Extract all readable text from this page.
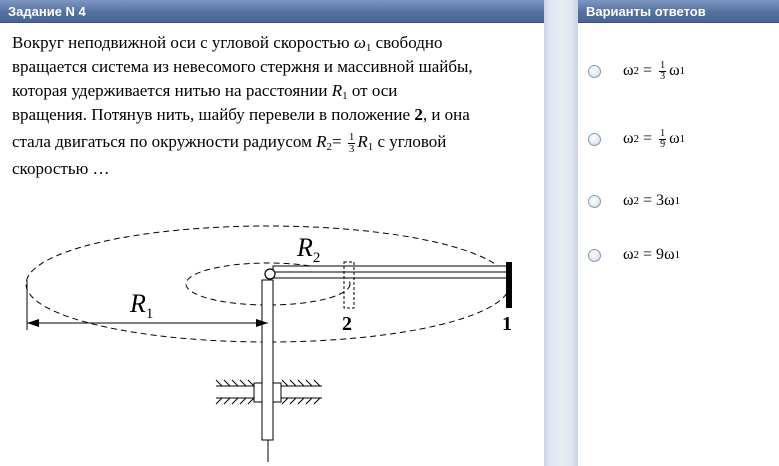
Задание N 4	Варианты ответов
Вокруг неподвижной оси с угловой скоростью $\omega_1$ свободно
вращается система из невесомого стержня и массивной шайбы,
которая удерживается нитью на расстоянии $R_1$ от оси
вращения. Потянув нить, шайбу перевели в положение 2, и она
стала двигаться по окружности радиусом $R_2= \frac{1}{3} R_1$ с угловой
скоростью …
$R_1$
$R_2$
2	1
ω $2 = \frac{1}{3}$ ω 1
ω $2 = \frac{1}{9}$ ω 1
ω 2 = 3 ω 1
ω 2 = 9 ω 1
